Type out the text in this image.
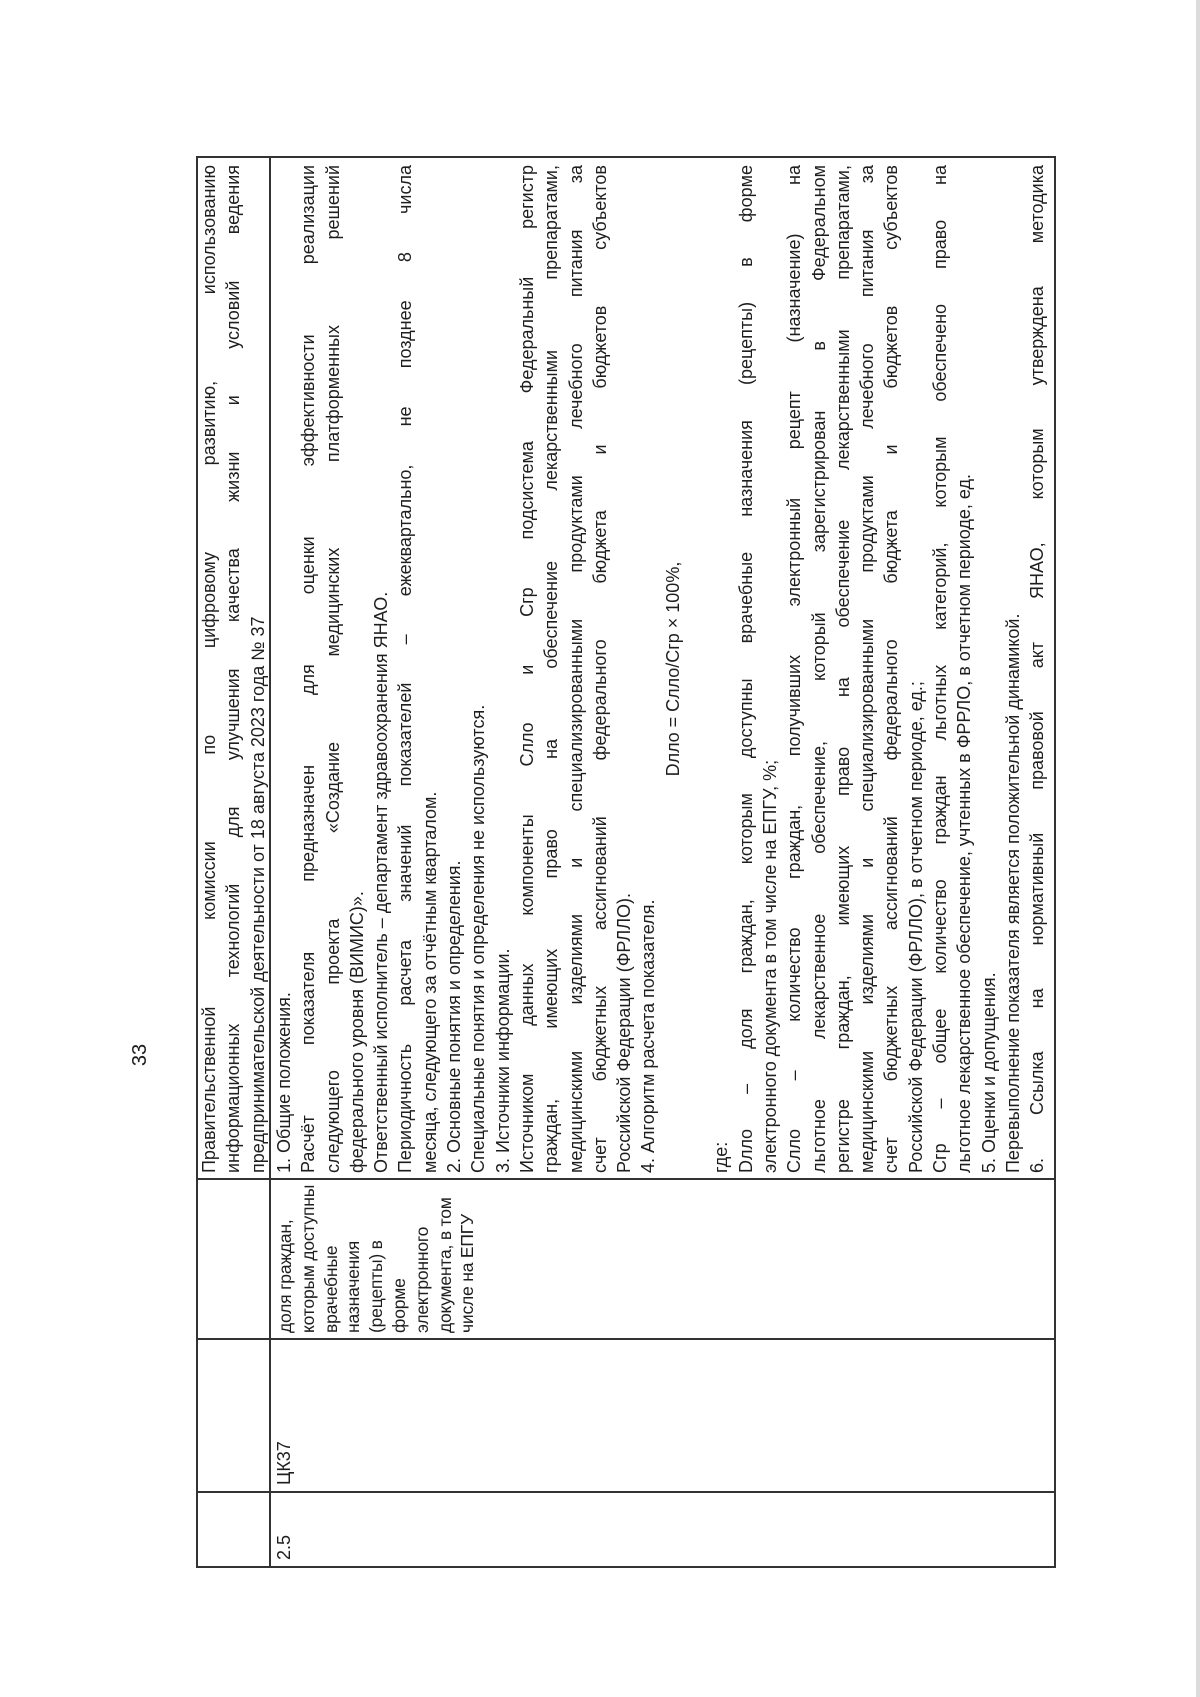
33	Правительственной комиссии по цифровому развитию, использованию информационных технологий для улучшения качества жизни и условий ведения предпринимательской деятельности от 18 августа 2023 года № 37

2.5

ЦК37

доля граждан, которым доступны врачебные назначения (рецепты) в форме электронного документа, в том числе на ЕПГУ

1. Общие положения. Расчёт показателя предназначен для оценки эффективности реализации следующего проекта «Создание медицинских платформенных решений федерального уровня (ВИМИС)». Ответственный исполнитель – департамент здравоохранения ЯНАО. Периодичность расчета значений показателей – ежеквартально, не позднее 8 числа месяца, следующего за отчётным кварталом. 2. Основные понятия и определения. Специальные понятия и определения не используются. 3. Источники информации. Источником данных компоненты Сллo и Сгр подсистема Федеральный регистр граждан, имеющих право на обеспечение лекарственными препаратами, медицинскими изделиями и специализированными продуктами лечебного питания за счет бюджетных ассигнований федерального бюджета и бюджетов субъектов Российской Федерации (ФРЛЛО). 4. Алгоритм расчета показателя.

Dллo = Сллo/Сгр × 100%,

где: Dллo – доля граждан, которым доступны врачебные назначения (рецепты) в форме электронного документа в том числе на ЕПГУ, %; Сллo – количество граждан, получивших электронный рецепт (назначение) на льготное лекарственное обеспечение, который зарегистрирован в Федеральном регистре граждан, имеющих право на обеспечение лекарственными препаратами, медицинскими изделиями и специализированными продуктами лечебного питания за счет бюджетных ассигнований федерального бюджета и бюджетов субъектов Российской Федерации (ФРЛЛО), в отчетном периоде, ед.; Сгр – общее количество граждан льготных категорий, которым обеспечено право на льготное лекарственное обеспечение, учтенных в ФРРЛО, в отчетном периоде, ед. 5. Оценки и допущения. Перевыполнение показателя является положительной динамикой. 6. Ссылка на нормативный правовой акт ЯНАО, которым утверждена методика
